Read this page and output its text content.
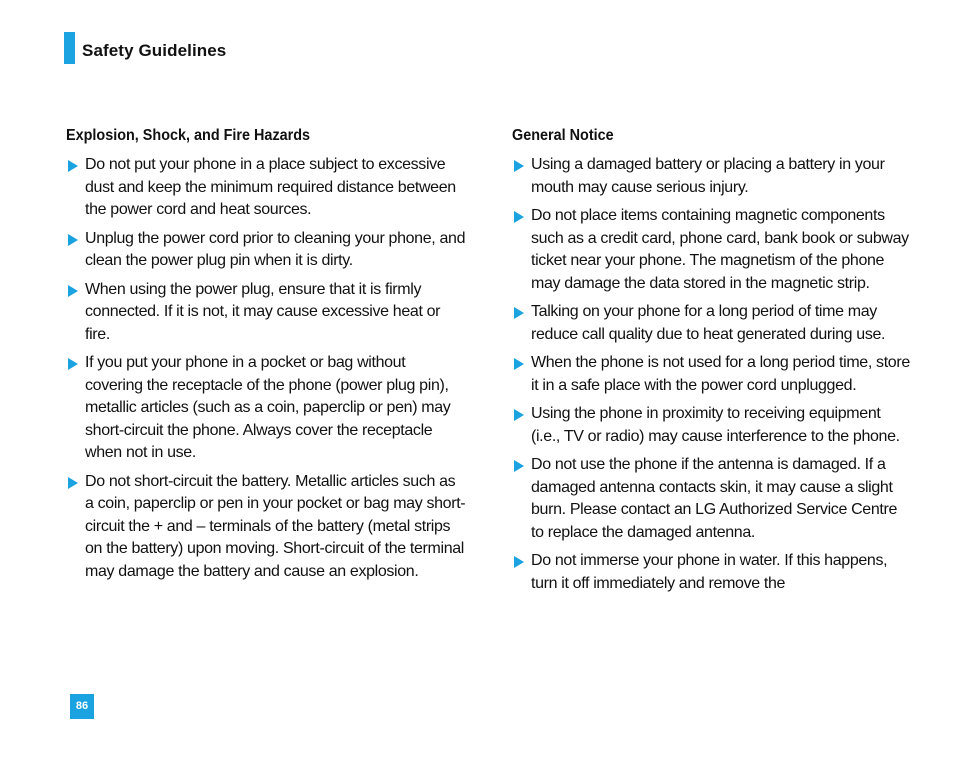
Safety Guidelines
Explosion, Shock, and Fire Hazards
Do not put your phone in a place subject to excessive dust and keep the minimum required distance between the power cord and heat sources.
Unplug the power cord prior to cleaning your phone, and clean the power plug pin when it is dirty.
When using the power plug, ensure that it is firmly connected. If it is not, it may cause excessive heat or fire.
If you put your phone in a pocket or bag without covering the receptacle of the phone (power plug pin), metallic articles (such as a coin, paperclip or pen) may short-circuit the phone. Always cover the receptacle when not in use.
Do not short-circuit the battery. Metallic articles such as a coin, paperclip or pen in your pocket or bag may short-circuit the + and – terminals of the battery (metal strips on the battery) upon moving. Short-circuit of the terminal may damage the battery and cause an explosion.
General Notice
Using a damaged battery or placing a battery in your mouth may cause serious injury.
Do not place items containing magnetic components such as a credit card, phone card, bank book or subway ticket near your phone. The magnetism of the phone may damage the data stored in the magnetic strip.
Talking on your phone for a long period of time may reduce call quality due to heat generated during use.
When the phone is not used for a long period time, store it in a safe place with the power cord unplugged.
Using the phone in proximity to receiving equipment (i.e., TV or radio) may cause interference to the phone.
Do not use the phone if the antenna is damaged. If a damaged antenna contacts skin, it may cause a slight burn. Please contact an LG Authorized Service Centre to replace the damaged antenna.
Do not immerse your phone in water. If this happens, turn it off immediately and remove the
86
